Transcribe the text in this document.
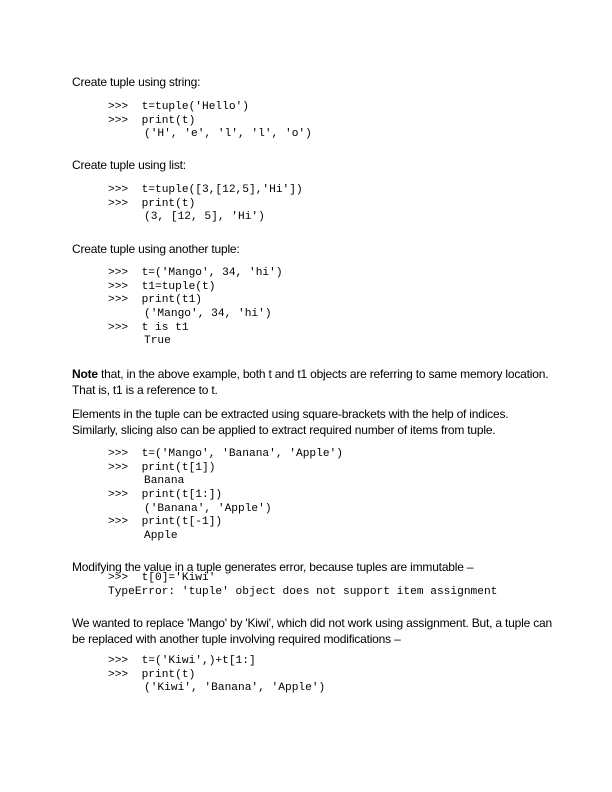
Create tuple using string:

>>>  t=tuple('Hello')
>>>  print(t)
('H', 'e', 'l', 'l', 'o')

Create tuple using list:

>>>  t=tuple([3,[12,5],'Hi'])
>>>  print(t)
(3, [12, 5], 'Hi')

Create tuple using another tuple:

>>>  t=('Mango', 34, 'hi')
>>>  t1=tuple(t)
>>>  print(t1)
('Mango', 34, 'hi')
>>>  t is t1
True

Note that, in the above example, both t and t1 objects are referring to same memory location. That is, t1 is a reference to t.

Elements in the tuple can be extracted using square-brackets with the help of indices. Similarly, slicing also can be applied to extract required number of items from tuple.

>>>  t=('Mango', 'Banana', 'Apple')
>>>  print(t[1])
Banana
>>>  print(t[1:])
('Banana', 'Apple')
>>>  print(t[-1])
Apple

Modifying the value in a tuple generates error, because tuples are immutable –

>>>  t[0]='Kiwi'
TypeError: 'tuple' object does not support item assignment

We wanted to replace 'Mango' by 'Kiwi', which did not work using assignment. But, a tuple can be replaced with another tuple involving required modifications –

>>>  t=('Kiwi',)+t[1:]
>>>  print(t)
('Kiwi', 'Banana', 'Apple')
